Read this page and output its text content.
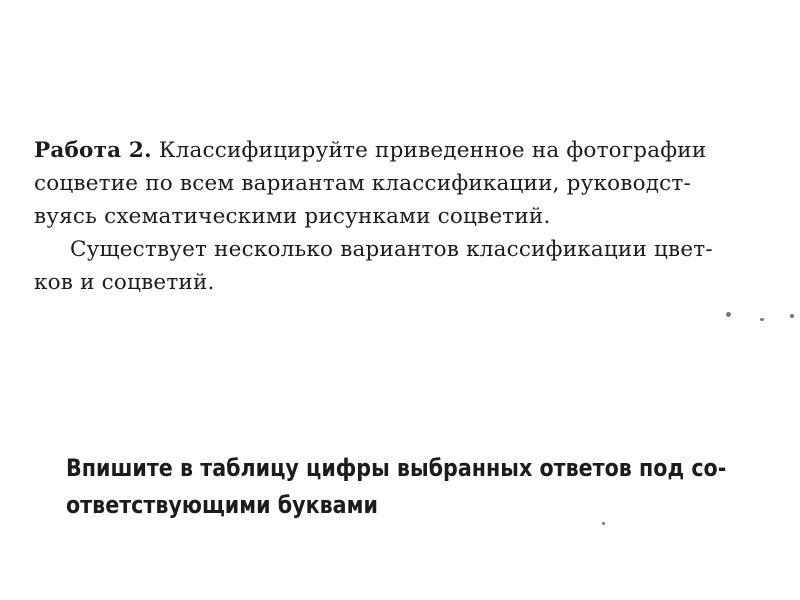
Работа 2. Классифицируйте приведенное на фотографии
соцветие по всем вариантам классификации, руководст-
вуясь схематическими рисунками соцветий.
Существует несколько вариантов классификации цвет-
ков и соцветий.
Впишите в таблицу цифры выбранных ответов под со-
ответствующими буквами
